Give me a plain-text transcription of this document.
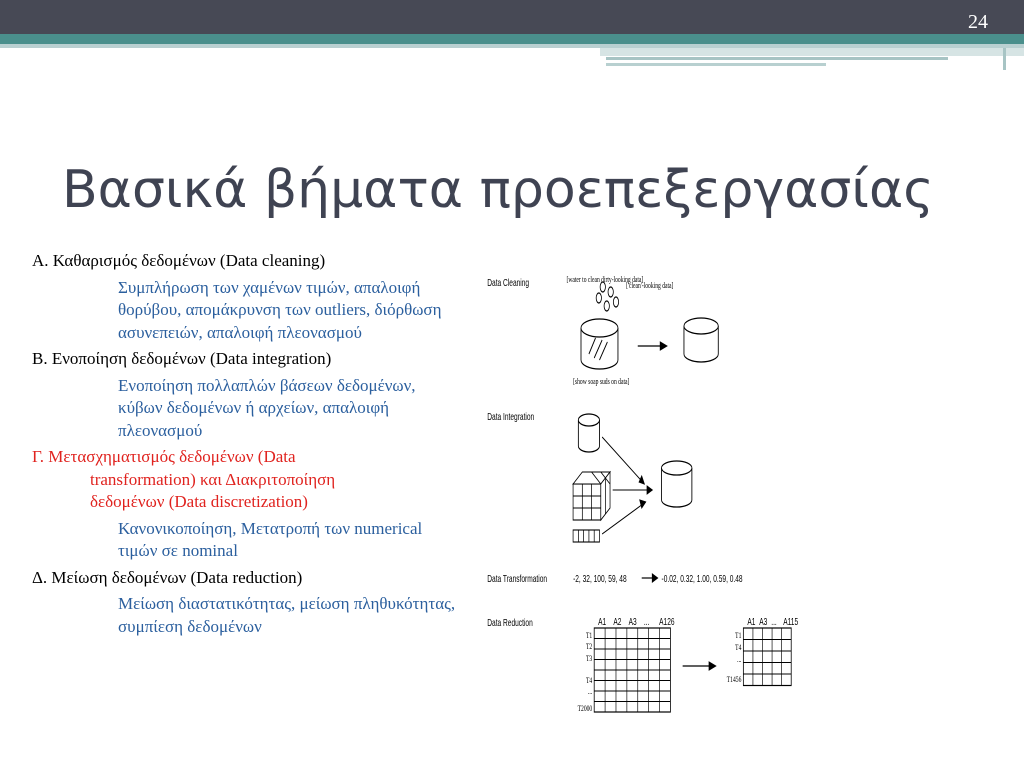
24
Βασικά βήματα προεπεξεργασίας
Α. Καθαρισμός δεδομένων (Data cleaning)
Συμπλήρωση των χαμένων τιμών, απαλοιφή θορύβου, απομάκρυνση των outliers, διόρθωση ασυνεπειών, απαλοιφή πλεονασμού
Β. Ενοποίηση δεδομένων (Data integration)
Ενοποίηση πολλαπλών βάσεων δεδομένων, κύβων δεδομένων ή αρχείων, απαλοιφή πλεονασμού
Γ. Μετασχηματισμός δεδομένων (Data
transformation) και Διακριτοποίηση
δεδομένων (Data discretization)
Κανονικοποίηση, Μετατροπή των numerical τιμών σε nominal
Δ. Μείωση δεδομένων (Data reduction)
Μείωση διαστατικότητας, μείωση πληθυκότητας, συμπίεση δεδομένων
Data Cleaning	[water to clean dirty-looking data]
['clean'-looking data]
[show soap suds on data]
Data Integration
Data Transformation	-2, 32, 100, 59, 48	-0.02, 0.32, 1.00, 0.59, 0.48
Data Reduction	A1 A2 A3 ... A126
T1
T2
T3
T4
...
T2000
A1 A3 ... A115
T1
T4
...
T1456
